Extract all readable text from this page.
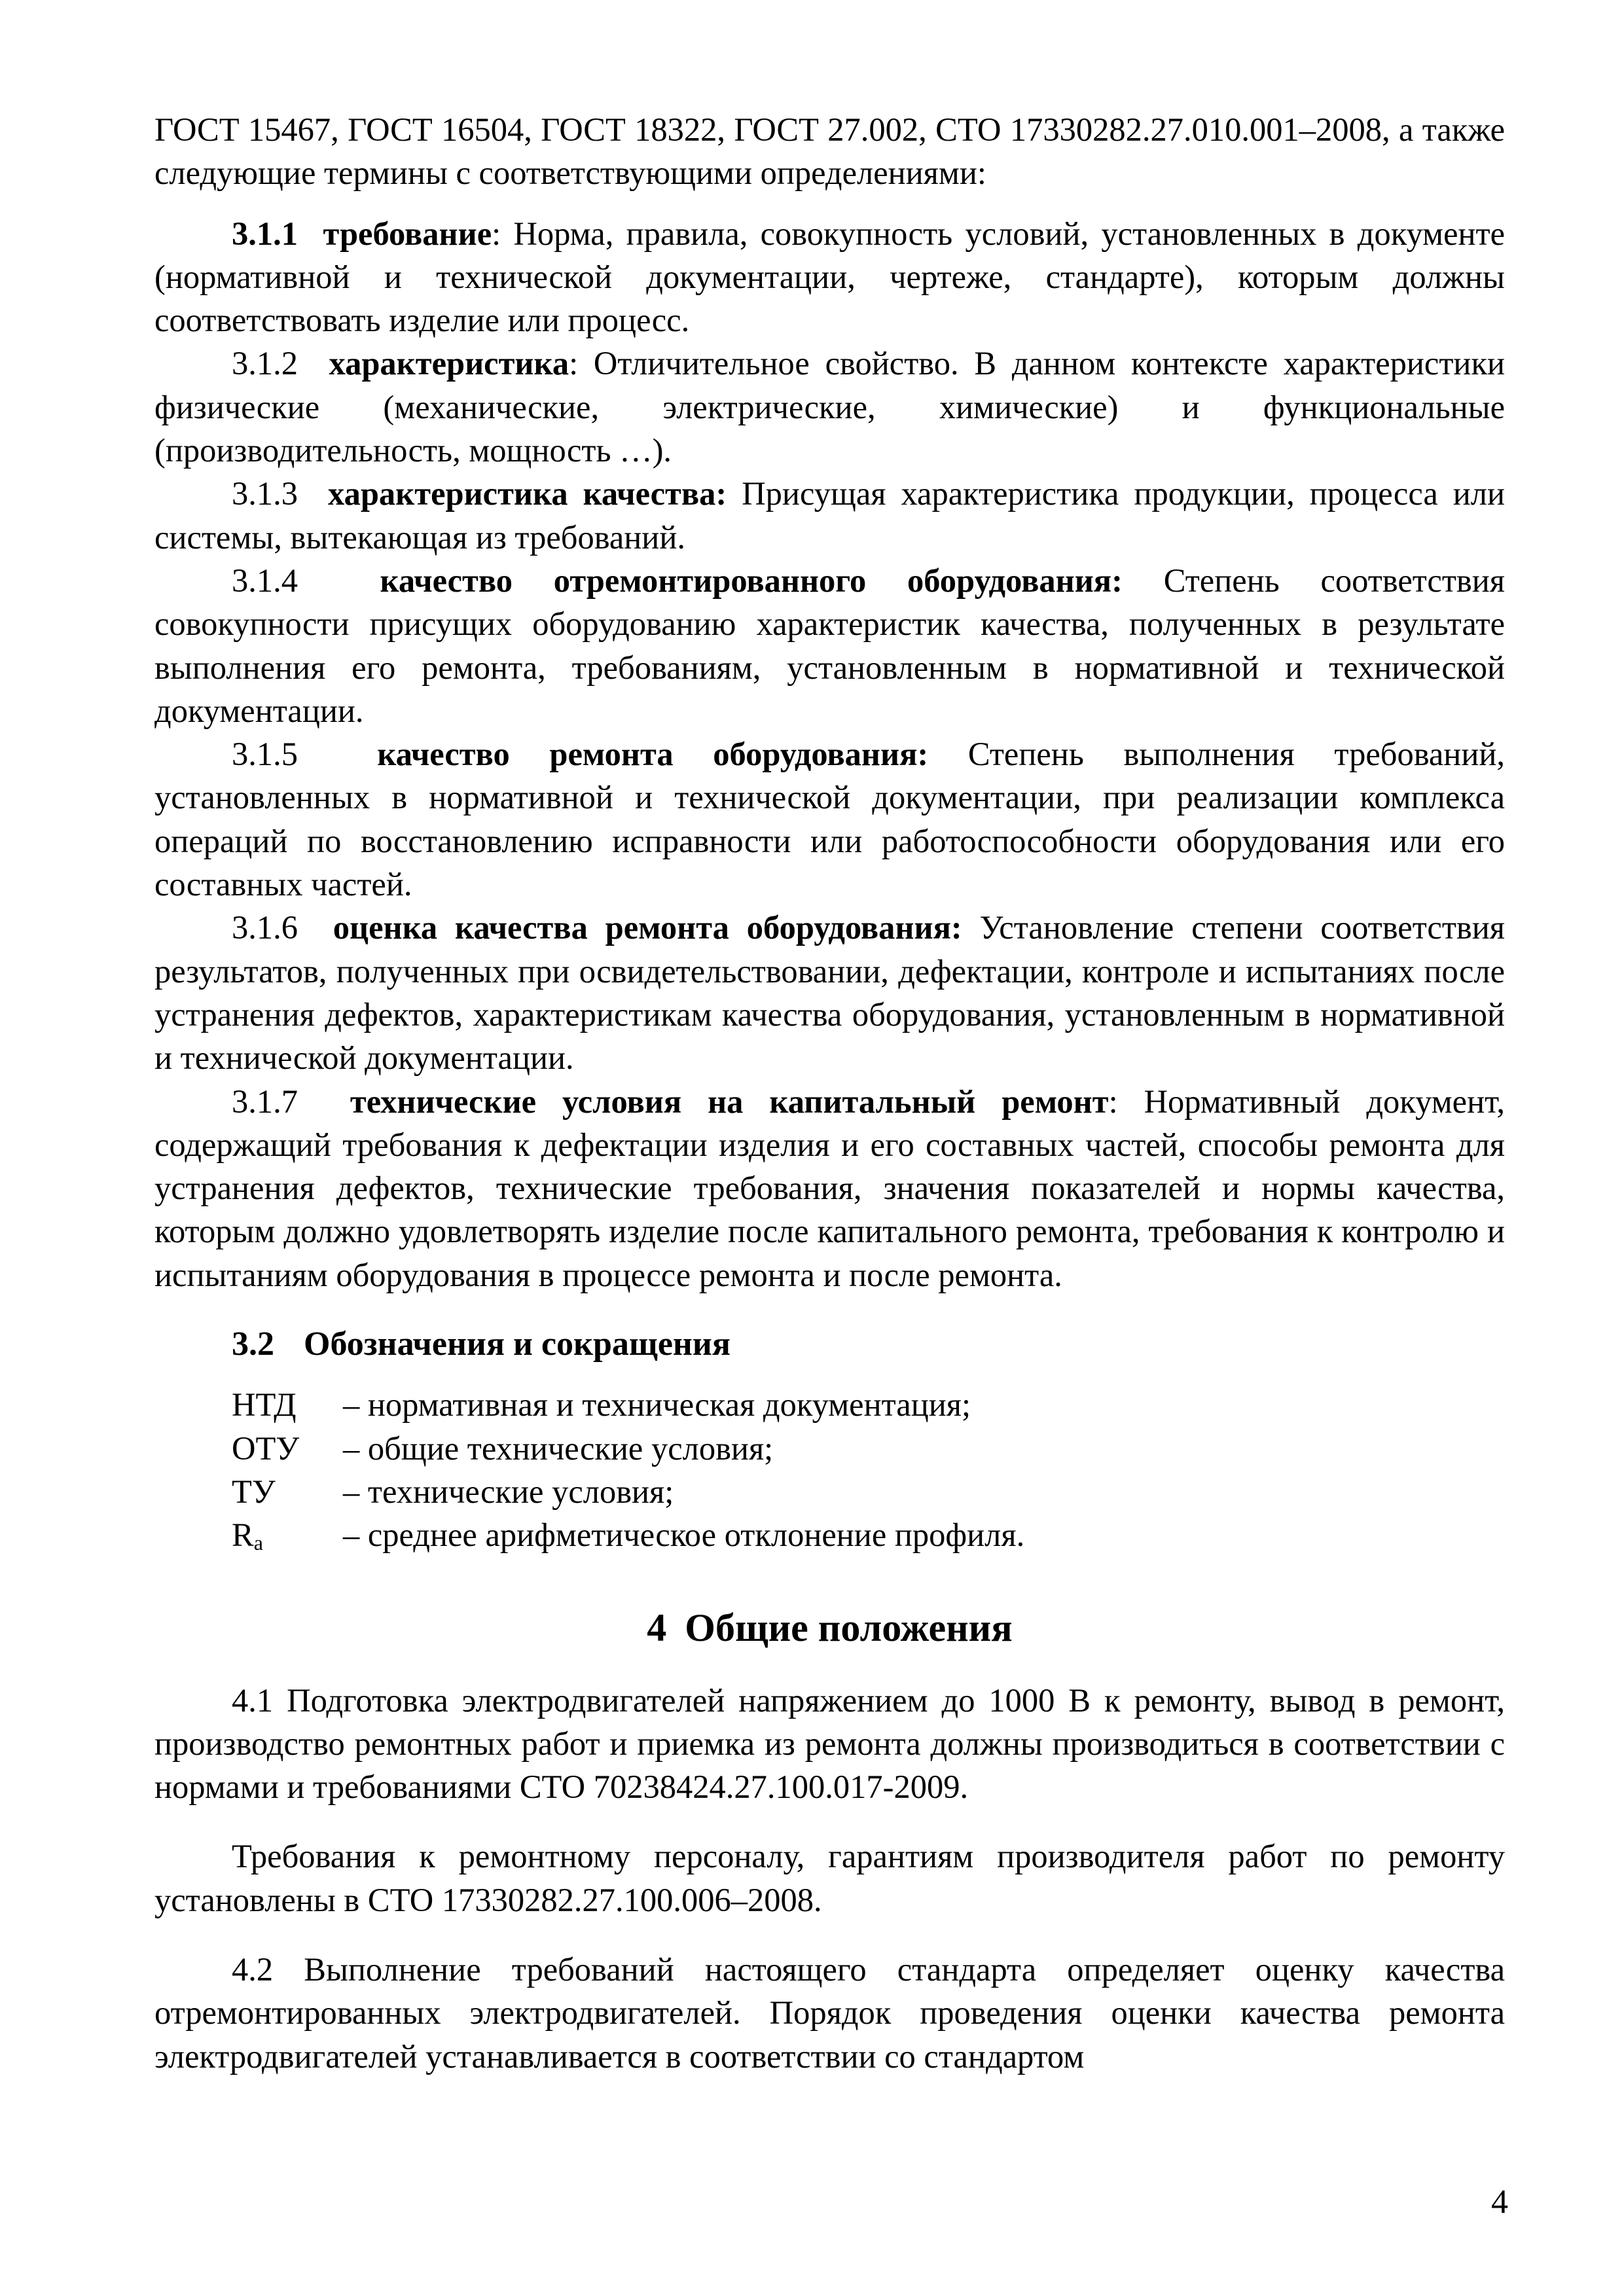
ГОСТ 15467, ГОСТ 16504, ГОСТ 18322, ГОСТ 27.002, СТО 17330282.27.010.001–2008, а также следующие термины с соответствующими определениями:

3.1.1 требование: Норма, правила, совокупность условий, установленных в документе (нормативной и технической документации, чертеже, стандарте), которым должны соответствовать изделие или процесс.

3.1.2 характеристика: Отличительное свойство. В данном контексте характеристики физические (механические, электрические, химические) и функциональные (производительность, мощность …).

3.1.3 характеристика качества: Присущая характеристика продукции, процесса или системы, вытекающая из требований.

3.1.4 качество отремонтированного оборудования: Степень соответствия совокупности присущих оборудованию характеристик качества, полученных в результате выполнения его ремонта, требованиям, установленным в нормативной и технической документации.

3.1.5 качество ремонта оборудования: Степень выполнения требований, установленных в нормативной и технической документации, при реализации комплекса операций по восстановлению исправности или работоспособности оборудования или его составных частей.

3.1.6 оценка качества ремонта оборудования: Установление степени соответствия результатов, полученных при освидетельствовании, дефектации, контроле и испытаниях после устранения дефектов, характеристикам качества оборудования, установленным в нормативной и технической документации.

3.1.7 технические условия на капитальный ремонт: Нормативный документ, содержащий требования к дефектации изделия и его составных частей, способы ремонта для устранения дефектов, технические требования, значения показателей и нормы качества, которым должно удовлетворять изделие после капитального ремонта, требования к контролю и испытаниям оборудования в процессе ремонта и после ремонта.

3.2 Обозначения и сокращения
НТД	– нормативная и техническая документация;
ОТУ	– общие технические условия;
ТУ	– технические условия;
$R_a$	– среднее арифметическое отклонение профиля.
4 Общие положения

4.1 Подготовка электродвигателей напряжением до 1000 В к ремонту, вывод в ремонт, производство ремонтных работ и приемка из ремонта должны производиться в соответствии с нормами и требованиями СТО 70238424.27.100.017-2009.

Требования к ремонтному персоналу, гарантиям производителя работ по ремонту установлены в СТО 17330282.27.100.006–2008.

4.2 Выполнение требований настоящего стандарта определяет оценку качества отремонтированных электродвигателей. Порядок проведения оценки качества ремонта электродвигателей устанавливается в соответствии со стандартом

4
